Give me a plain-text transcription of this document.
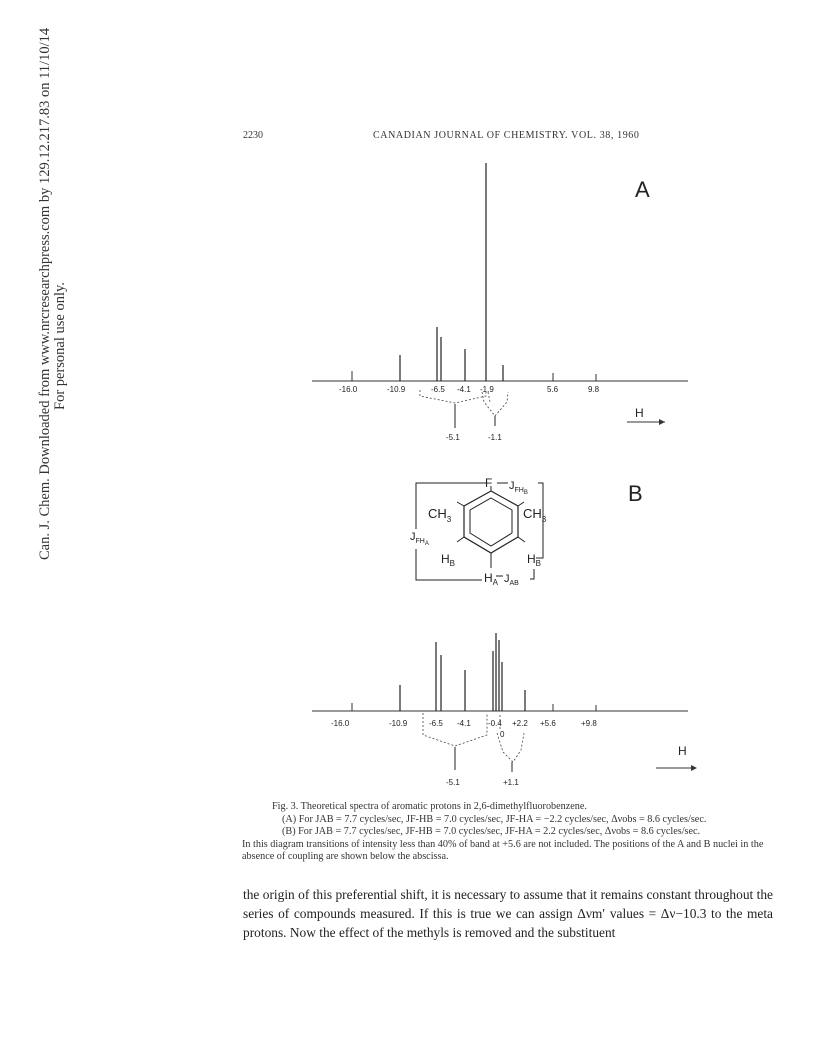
Can. J. Chem. Downloaded from www.nrcresearchpress.com by 129.12.217.83 on 11/10/14 For personal use only.
2230	CANADIAN JOURNAL OF CHEMISTRY. VOL. 38, 1960
A
-16.0	-10.9	-6.5 -4.1 -1.9	5.6	9.8
-5.1	-1.1
H
B
F
$CH_3$	$CH_3$
$H_B$	$H_B$
$H_A$
$J_{FH}B$
$J_{FH}A$
$J_{AB}$
-16.0	-10.9	-6.5 -4.1 -0.4
0
+2.2 +5.6	+9.8
-5.1	+1.1
H

Fig. 3. Theoretical spectra of aromatic protons in 2,6-dimethylfluorobenzene.

(A) For JAB = 7.7 cycles/sec, JF-HB = 7.0 cycles/sec, JF-HA = −2.2 cycles/sec, Δνobs = 8.6 cycles/sec.

(B) For JAB = 7.7 cycles/sec, JF-HB = 7.0 cycles/sec, JF-HA = 2.2 cycles/sec, Δνobs = 8.6 cycles/sec.

In this diagram transitions of intensity less than 40% of band at +5.6 are not included. The positions of the A and B nuclei in the absence of coupling are shown below the abscissa.

the origin of this preferential shift, it is necessary to assume that it remains constant throughout the series of compounds measured. If this is true we can assign Δνm′ values = Δν−10.3 to the meta protons. Now the effect of the methyls is removed and the substituent
